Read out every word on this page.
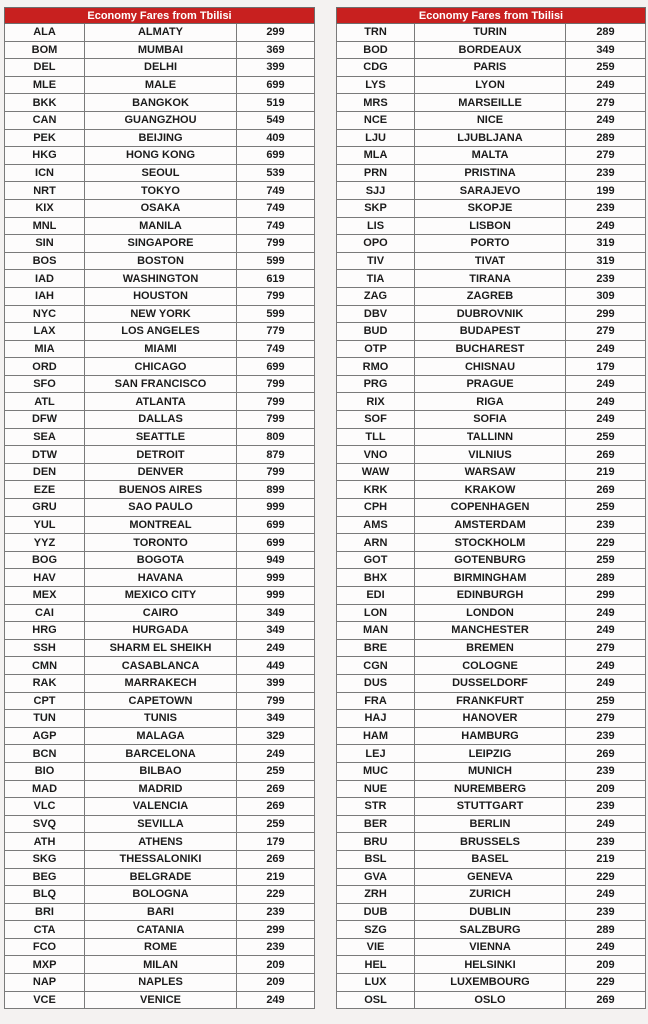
Economy Fares from Tbilisi		
ALA	ALMATY	299
BOM	MUMBAI	369
DEL	DELHI	399
MLE	MALE	699
BKK	BANGKOK	519
CAN	GUANGZHOU	549
PEK	BEIJING	409
HKG	HONG KONG	699
ICN	SEOUL	539
NRT	TOKYO	749
KIX	OSAKA	749
MNL	MANILA	749
SIN	SINGAPORE	799
BOS	BOSTON	599
IAD	WASHINGTON	619
IAH	HOUSTON	799
NYC	NEW YORK	599
LAX	LOS ANGELES	779
MIA	MIAMI	749
ORD	CHICAGO	699
SFO	SAN FRANCISCO	799
ATL	ATLANTA	799
DFW	DALLAS	799
SEA	SEATTLE	809
DTW	DETROIT	879
DEN	DENVER	799
EZE	BUENOS AIRES	899
GRU	SAO PAULO	999
YUL	MONTREAL	699
YYZ	TORONTO	699
BOG	BOGOTA	949
HAV	HAVANA	999
MEX	MEXICO CITY	999
CAI	CAIRO	349
HRG	HURGADA	349
SSH	SHARM EL SHEIKH	249
CMN	CASABLANCA	449
RAK	MARRAKECH	399
CPT	CAPETOWN	799
TUN	TUNIS	349
AGP	MALAGA	329
BCN	BARCELONA	249
BIO	BILBAO	259
MAD	MADRID	269
VLC	VALENCIA	269
SVQ	SEVILLA	259
ATH	ATHENS	179
SKG	THESSALONIKI	269
BEG	BELGRADE	219
BLQ	BOLOGNA	229
BRI	BARI	239
CTA	CATANIA	299
FCO	ROME	239
MXP	MILAN	209
NAP	NAPLES	209
VCE	VENICE	249
Economy Fares from Tbilisi		
TRN	TURIN	289
BOD	BORDEAUX	349
CDG	PARIS	259
LYS	LYON	249
MRS	MARSEILLE	279
NCE	NICE	249
LJU	LJUBLJANA	289
MLA	MALTA	279
PRN	PRISTINA	239
SJJ	SARAJEVO	199
SKP	SKOPJE	239
LIS	LISBON	249
OPO	PORTO	319
TIV	TIVAT	319
TIA	TIRANA	239
ZAG	ZAGREB	309
DBV	DUBROVNIK	299
BUD	BUDAPEST	279
OTP	BUCHAREST	249
RMO	CHISNAU	179
PRG	PRAGUE	249
RIX	RIGA	249
SOF	SOFIA	249
TLL	TALLINN	259
VNO	VILNIUS	269
WAW	WARSAW	219
KRK	KRAKOW	269
CPH	COPENHAGEN	259
AMS	AMSTERDAM	239
ARN	STOCKHOLM	229
GOT	GOTENBURG	259
BHX	BIRMINGHAM	289
EDI	EDINBURGH	299
LON	LONDON	249
MAN	MANCHESTER	249
BRE	BREMEN	279
CGN	COLOGNE	249
DUS	DUSSELDORF	249
FRA	FRANKFURT	259
HAJ	HANOVER	279
HAM	HAMBURG	239
LEJ	LEIPZIG	269
MUC	MUNICH	239
NUE	NUREMBERG	209
STR	STUTTGART	239
BER	BERLIN	249
BRU	BRUSSELS	239
BSL	BASEL	219
GVA	GENEVA	229
ZRH	ZURICH	249
DUB	DUBLIN	239
SZG	SALZBURG	289
VIE	VIENNA	249
HEL	HELSINKI	209
LUX	LUXEMBOURG	229
OSL	OSLO	269
